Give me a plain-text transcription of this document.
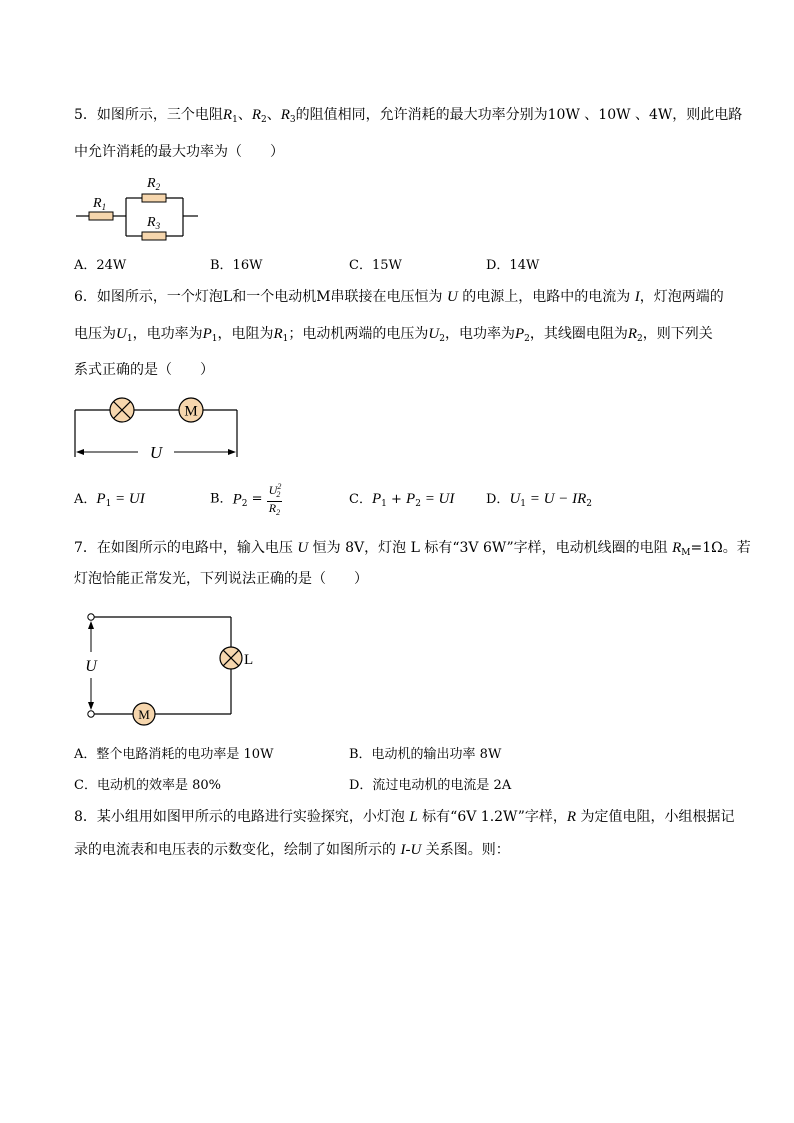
5．如图所示，三个电阻$R_1$、$R_2$、$R_3$的阻值相同，允许消耗的最大功率分别为10W 、10W 、4W，则此电路
中允许消耗的最大功率为（　　）
$R_1$
$R_2$
$R_3$
A．24W	B．16W	C．15W	D．14W
6．如图所示，一个灯泡L和一个电动机M串联接在电压恒为 U 的电源上，电路中的电流为 I，灯泡两端的
电压为$U_1$，电功率为$P_1$，电阻为$R_1$；电动机两端的电压为$U_2$，电功率为$P_2$，其线圈电阻为$R_2$，则下列关
系式正确的是（　　）
M
U
A．$P_1$ = UI	B．$P_2 = \frac{U^2_2}{R_2}$	C．$P_1 + P_2$ = UI D．$U_1 = U - IR_2$
7．在如图所示的电路中，输入电压 U 恒为 8V，灯泡 L 标有“3V 6W”字样，电动机线圈的电阻 $R_M=1\Omega$。若
灯泡恰能正常发光，下列说法正确的是（　　）
L
M
U
A．整个电路消耗的电功率是 10W	B．电动机的输出功率 8W
C．电动机的效率是 80%	D．流过电动机的电流是 2A
8．某小组用如图甲所示的电路进行实验探究，小灯泡 L 标有“6V 1.2W”字样，R 为定值电阻，小组根据记
录的电流表和电压表的示数变化，绘制了如图所示的 I-U 关系图。则：
